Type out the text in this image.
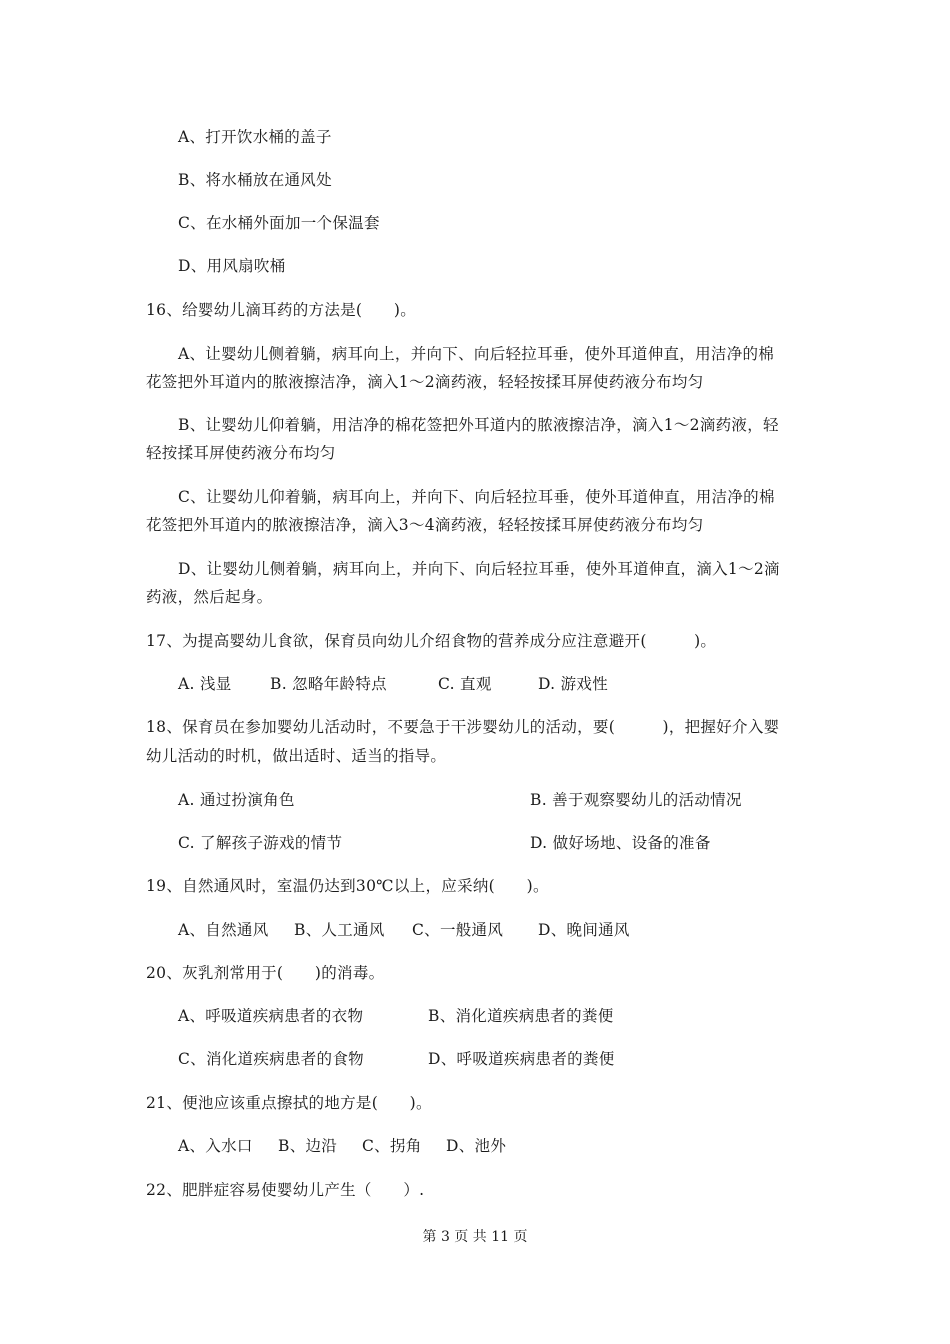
A、打开饮水桶的盖子
B、将水桶放在通风处
C、在水桶外面加一个保温套
D、用风扇吹桶
16、给婴幼儿滴耳药的方法是(　　)。
A、让婴幼儿侧着躺，病耳向上，并向下、向后轻拉耳垂，使外耳道伸直，用洁净的棉
花签把外耳道内的脓液擦洁净，滴入1～2滴药液，轻轻按揉耳屏使药液分布均匀
B、让婴幼儿仰着躺，用洁净的棉花签把外耳道内的脓液擦洁净，滴入1～2滴药液，轻
轻按揉耳屏使药液分布均匀
C、让婴幼儿仰着躺，病耳向上，并向下、向后轻拉耳垂，使外耳道伸直，用洁净的棉
花签把外耳道内的脓液擦洁净，滴入3～4滴药液，轻轻按揉耳屏使药液分布均匀
D、让婴幼儿侧着躺，病耳向上，并向下、向后轻拉耳垂，使外耳道伸直，滴入1～2滴
药液，然后起身。
17、为提高婴幼儿食欲，保育员向幼儿介绍食物的营养成分应注意避开(　　　)。
A. 浅显 B. 忽略年龄特点	C. 直观	D. 游戏性
18、保育员在参加婴幼儿活动时，不要急于干涉婴幼儿的活动，要(　　　)，把握好介入婴
幼儿活动的时机，做出适时、适当的指导。
A. 通过扮演角色	B. 善于观察婴幼儿的活动情况
C. 了解孩子游戏的情节	D. 做好场地、设备的准备
19、自然通风时，室温仍达到30℃以上，应采纳(　　)。
A、自然通风 B、人工通风 C、一般通风 D、晚间通风
20、灰乳剂常用于(　　)的消毒。
A、呼吸道疾病患者的衣物	B、消化道疾病患者的粪便
C、消化道疾病患者的食物	D、呼吸道疾病患者的粪便
21、便池应该重点擦拭的地方是(　　)。
A、入水口 B、边沿 C、拐角 D、池外
22、肥胖症容易使婴幼儿产生（　　）.
第 3 页 共 11 页
